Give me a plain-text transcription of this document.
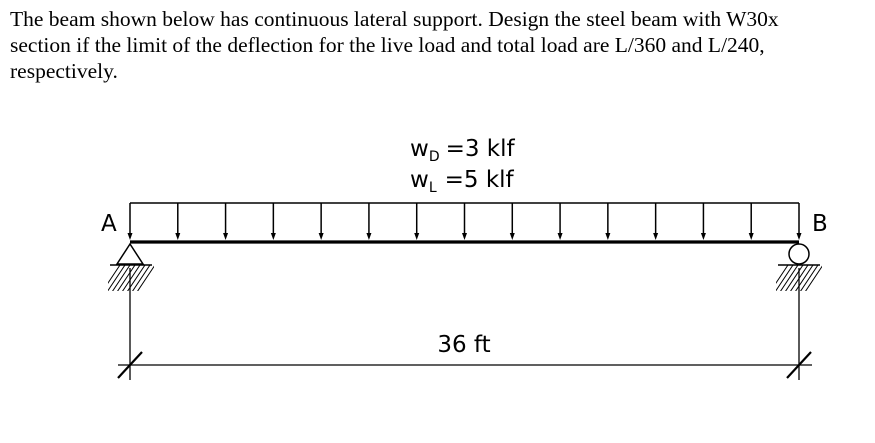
The beam shown below has continuous lateral support. Design the steel beam with W30x
section if the limit of the deflection for the live load and total load are L/360 and L/240,
respectively.
$w_D =3$ klf
$w_L =5$ klf
A	B
36 ft
